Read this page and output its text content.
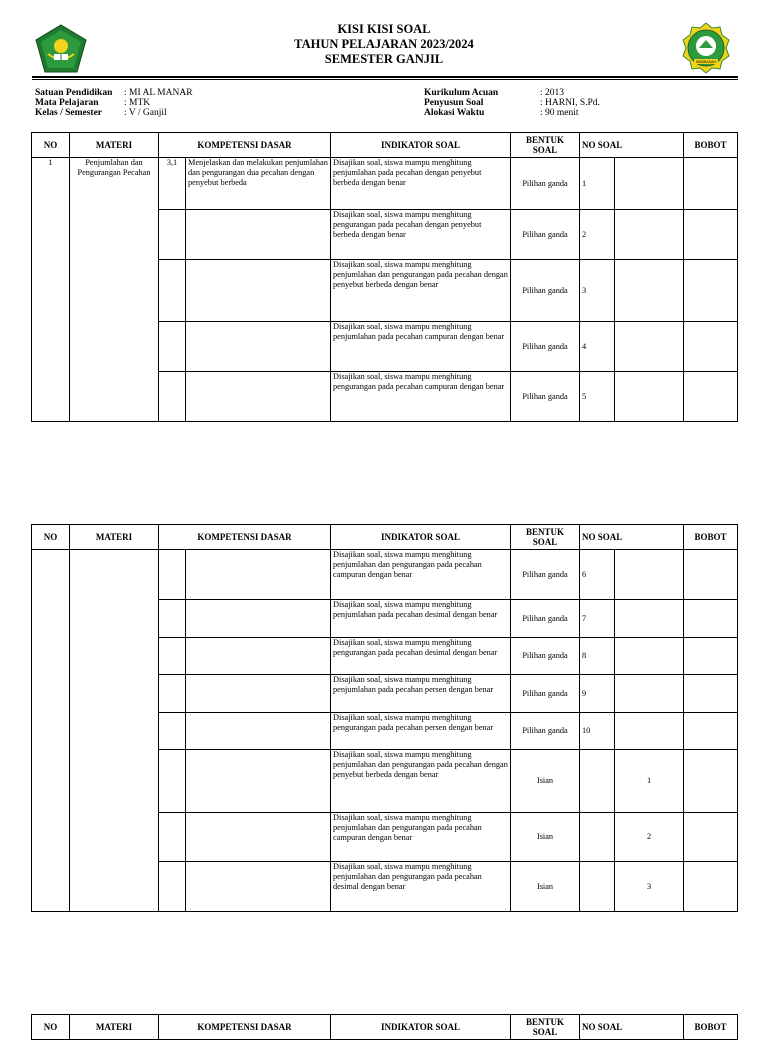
KISI KISI SOAL
TAHUN PELAJARAN 2023/2024
SEMESTER GANJIL	MADRASAH
Satuan Pendidikan : MI AL MANAR
Mata Pelajaran	: MTK
Kelas / Semester : V / Ganjil
Kurikulum Acuan	: 2013
Penyusun Soal	: HARNI, S.Pd.
Alokasi Waktu	: 90 menit
NO	MATERI	KOMPETENSI DASAR		INDIKATOR SOAL	BENTUK SOAL	NO SOAL		BOBOT
1	Penjumlahan dan Pengurangan Pecahan	3,1	Menjelaskan dan melakukan penjumlahan dan pengurangan dua pecahan dengan penyebut berbeda	Disajikan soal, siswa mampu menghitung penjumlahan pada pecahan dengan penyebut berbeda dengan benar	Pilihan ganda	1		
				Disajikan soal, siswa mampu menghitung pengurangan pada pecahan dengan penyebut berbeda dengan benar	Pilihan ganda	2		
				Disajikan soal, siswa mampu menghitung penjumlahan dan pengurangan pada pecahan dengan penyebut berbeda dengan benar	Pilihan ganda	3		
				Disajikan soal, siswa mampu menghitung penjumlahan pada pecahan campuran dengan benar	Pilihan ganda	4		
				Disajikan soal, siswa mampu menghitung pengurangan pada pecahan campuran dengan benar	Pilihan ganda	5		
NO	MATERI	KOMPETENSI DASAR		INDIKATOR SOAL	BENTUK SOAL	NO SOAL		BOBOT
				Disajikan soal, siswa mampu menghitung penjumlahan dan pengurangan pada pecahan campuran dengan benar	Pilihan ganda	6		
				Disajikan soal, siswa mampu menghitung penjumlahan pada pecahan desimal dengan benar	Pilihan ganda	7		
				Disajikan soal, siswa mampu menghitung pengurangan pada pecahan desimal dengan benar	Pilihan ganda	8		
				Disajikan soal, siswa mampu menghitung penjumlahan pada pecahan persen dengan benar	Pilihan ganda	9		
				Disajikan soal, siswa mampu menghitung pengurangan pada pecahan persen dengan benar	Pilihan ganda	10		
				Disajikan soal, siswa mampu menghitung penjumlahan dan pengurangan pada pecahan dengan penyebut berbeda dengan benar	Isian		1	
				Disajikan soal, siswa mampu menghitung penjumlahan dan pengurangan pada pecahan campuran dengan benar	Isian		2	
				Disajikan soal, siswa mampu menghitung penjumlahan dan pengurangan pada pecahan desimal dengan benar	Isian		3	
NO	MATERI	KOMPETENSI DASAR	INDIKATOR SOAL	BENTUK SOAL	NO SOAL	BOBOT
